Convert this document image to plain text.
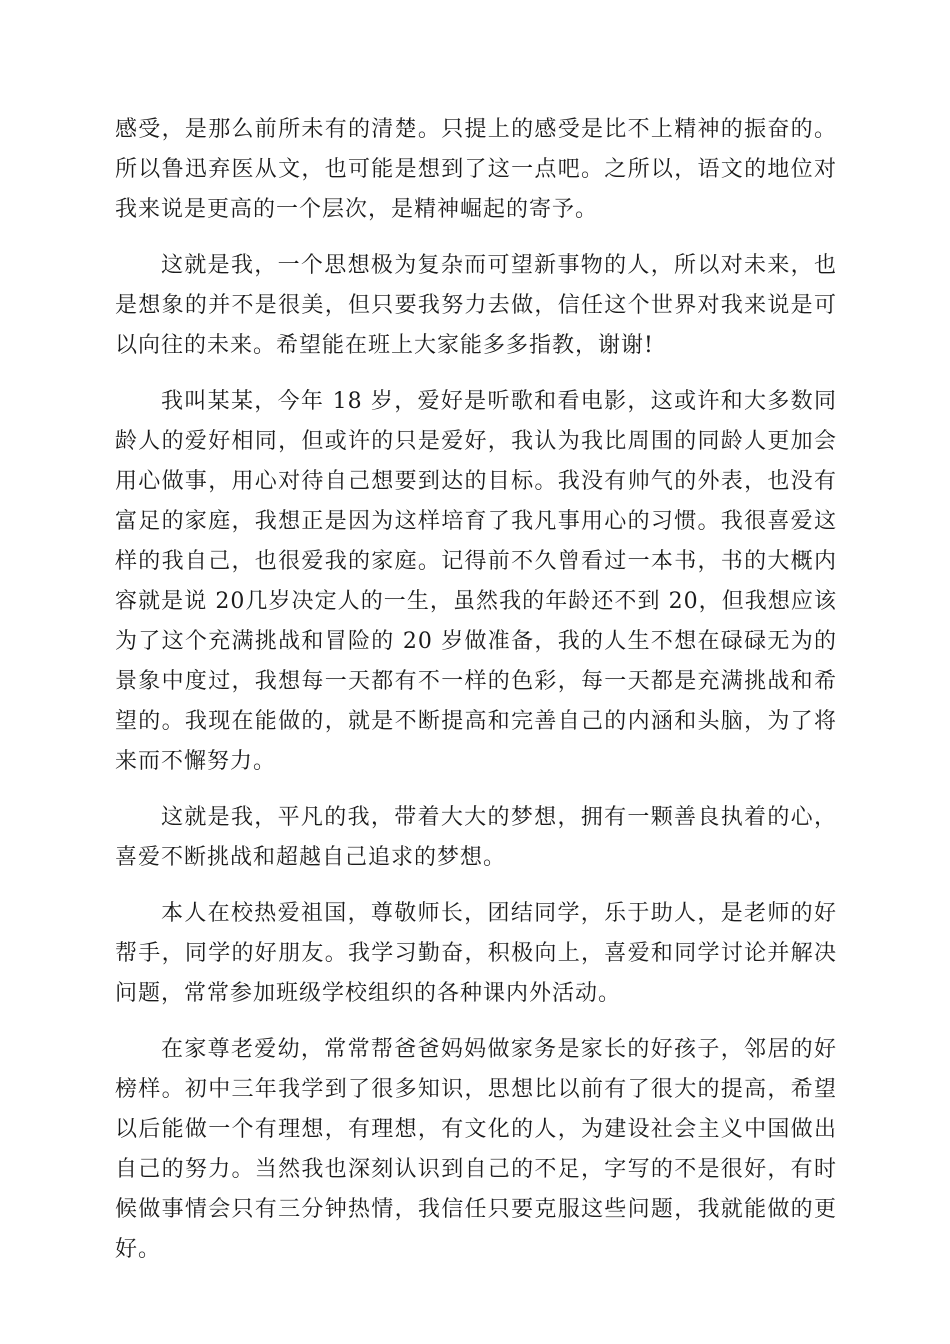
感受，是那么前所未有的清楚。只提上的感受是比不上精神的振奋的。所以鲁迅弃医从文，也可能是想到了这一点吧。之所以，语文的地位对我来说是更高的一个层次，是精神崛起的寄予。

这就是我，一个思想极为复杂而可望新事物的人，所以对未来，也是想象的并不是很美，但只要我努力去做，信任这个世界对我来说是可以向往的未来。希望能在班上大家能多多指教，谢谢!

我叫某某，今年 18 岁，爱好是听歌和看电影，这或许和大多数同龄人的爱好相同，但或许的只是爱好，我认为我比周围的同龄人更加会用心做事，用心对待自己想要到达的目标。我没有帅气的外表，也没有富足的家庭，我想正是因为这样培育了我凡事用心的习惯。我很喜爱这样的我自己，也很爱我的家庭。记得前不久曾看过一本书，书的大概内容就是说 20几岁决定人的一生，虽然我的年龄还不到 20，但我想应该为了这个充满挑战和冒险的 20 岁做准备，我的人生不想在碌碌无为的景象中度过，我想每一天都有不一样的色彩，每一天都是充满挑战和希望的。我现在能做的，就是不断提高和完善自己的内涵和头脑，为了将来而不懈努力。

这就是我，平凡的我，带着大大的梦想，拥有一颗善良执着的心，喜爱不断挑战和超越自己追求的梦想。

本人在校热爱祖国，尊敬师长，团结同学，乐于助人，是老师的好帮手，同学的好朋友。我学习勤奋，积极向上，喜爱和同学讨论并解决问题，常常参加班级学校组织的各种课内外活动。

在家尊老爱幼，常常帮爸爸妈妈做家务是家长的好孩子，邻居的好榜样。初中三年我学到了很多知识，思想比以前有了很大的提高，希望以后能做一个有理想，有理想，有文化的人，为建设社会主义中国做出自己的努力。当然我也深刻认识到自己的不足，字写的不是很好，有时候做事情会只有三分钟热情，我信任只要克服这些问题，我就能做的更好。
